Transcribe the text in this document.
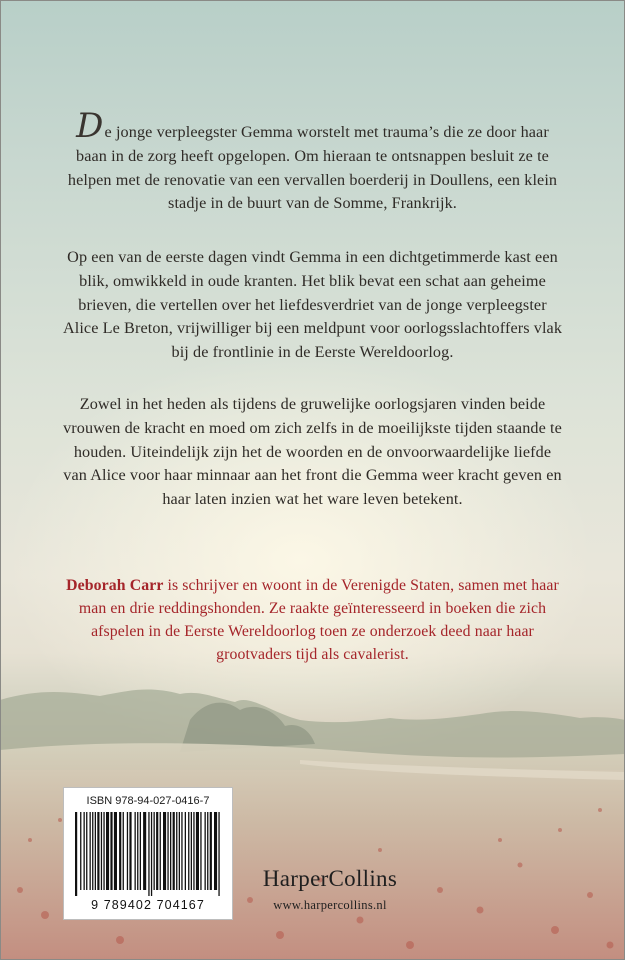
De jonge verpleegster Gemma worstelt met trauma’s die ze door haar baan in de zorg heeft opgelopen. Om hieraan te ontsnappen besluit ze te helpen met de renovatie van een vervallen boerderij in Doullens, een klein stadje in de buurt van de Somme, Frankrijk.
Op een van de eerste dagen vindt Gemma in een dichtgetimmerde kast een blik, omwikkeld in oude kranten. Het blik bevat een schat aan geheime brieven, die vertellen over het liefdesverdriet van de jonge verpleegster Alice Le Breton, vrijwilliger bij een meldpunt voor oorlogsslachtoffers vlak bij de frontlinie in de Eerste Wereldoorlog.
Zowel in het heden als tijdens de gruwelijke oorlogsjaren vinden beide vrouwen de kracht en moed om zich zelfs in de moeilijkste tijden staande te houden. Uiteindelijk zijn het de woorden en de onvoorwaardelijke liefde van Alice voor haar minnaar aan het front die Gemma weer kracht geven en haar laten inzien wat het ware leven betekent.
Deborah Carr is schrijver en woont in de Verenigde Staten, samen met haar man en drie reddingshonden. Ze raakte geïnteresseerd in boeken die zich afspelen in de Eerste Wereldoorlog toen ze onderzoek deed naar haar grootvaders tijd als cavalerist.
ISBN 978-94-027-0416-7
9 789402 704167
HarperCollins
www.harpercollins.nl
